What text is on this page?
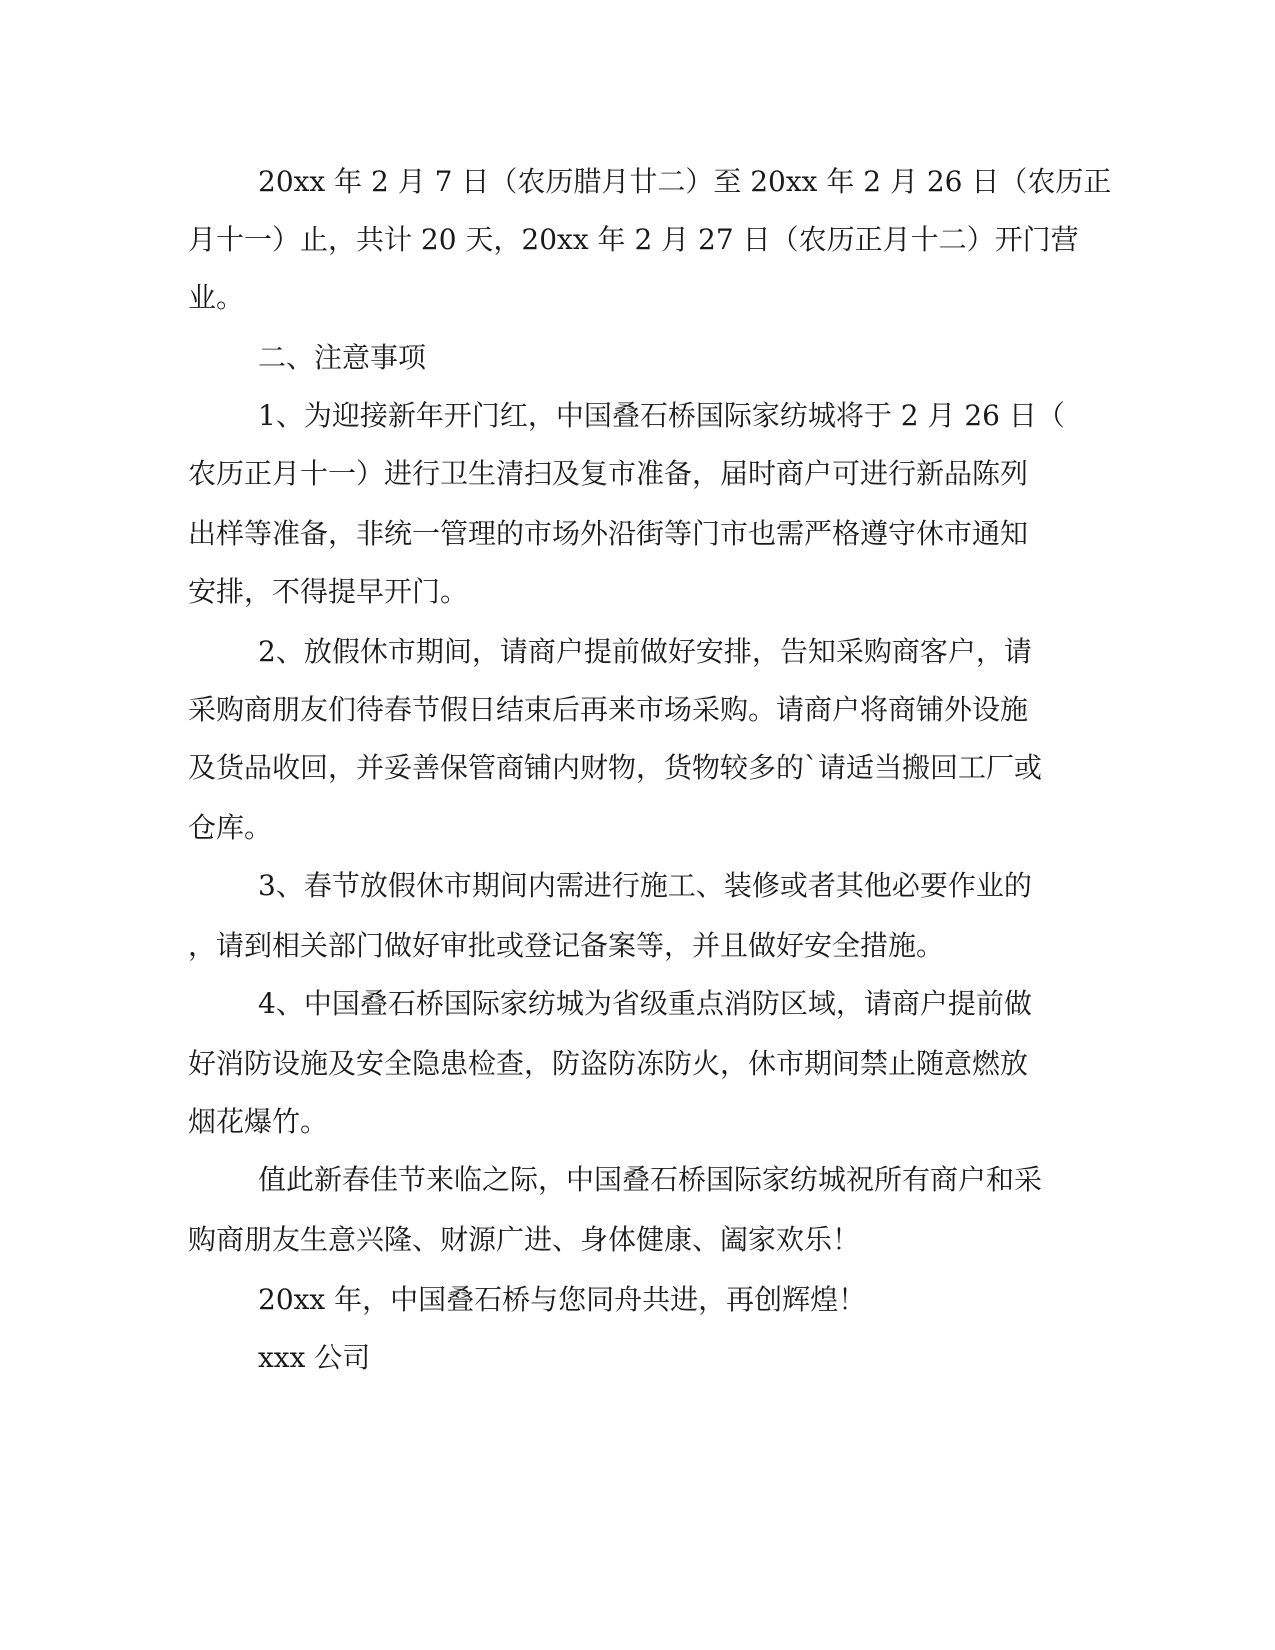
20xx 年 2 月 7 日（农历腊月廿二）至 20xx 年 2 月 26 日（农历正
月十一）止，共计 20 天，20xx 年 2 月 27 日（农历正月十二）开门营
业。
二、注意事项
1、为迎接新年开门红，中国叠石桥国际家纺城将于 2 月 26 日（
农历正月十一）进行卫生清扫及复市准备，届时商户可进行新品陈列
出样等准备，非统一管理的市场外沿街等门市也需严格遵守休市通知
安排，不得提早开门。
2、放假休市期间，请商户提前做好安排，告知采购商客户，请
采购商朋友们待春节假日结束后再来市场采购。请商户将商铺外设施
及货品收回，并妥善保管商铺内财物，货物较多的`请适当搬回工厂或
仓库。
3、春节放假休市期间内需进行施工、装修或者其他必要作业的
，请到相关部门做好审批或登记备案等，并且做好安全措施。
4、中国叠石桥国际家纺城为省级重点消防区域，请商户提前做
好消防设施及安全隐患检查，防盗防冻防火，休市期间禁止随意燃放
烟花爆竹。
值此新春佳节来临之际，中国叠石桥国际家纺城祝所有商户和采
购商朋友生意兴隆、财源广进、身体健康、阖家欢乐！
20xx 年，中国叠石桥与您同舟共进，再创辉煌！
xxx 公司
